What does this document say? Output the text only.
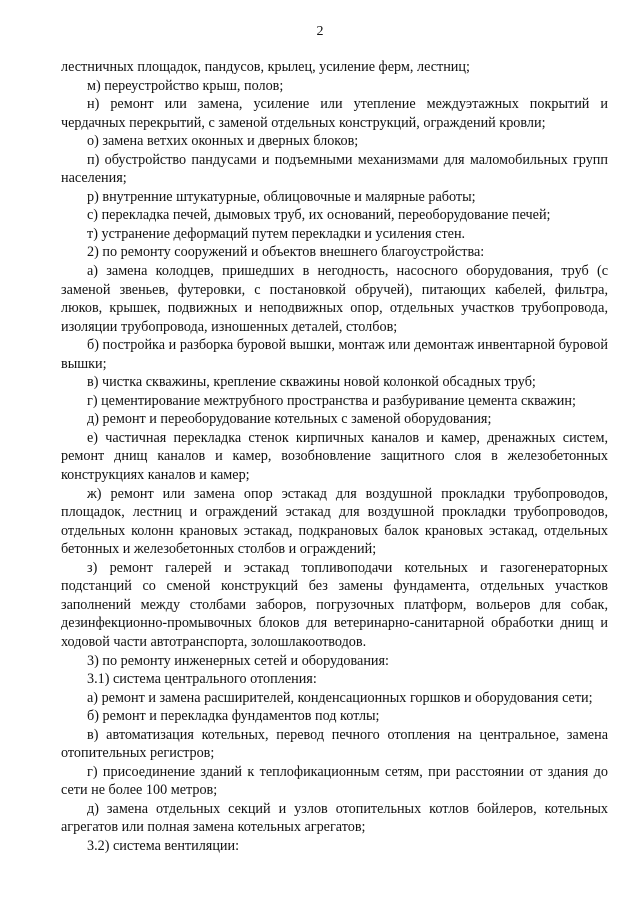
2

лестничных площадок, пандусов, крылец, усиление ферм, лестниц;

м) переустройство крыш, полов;

н) ремонт или замена, усиление или утепление междуэтажных покрытий и чердачных перекрытий, с заменой отдельных конструкций, ограждений кровли;

о) замена ветхих оконных и дверных блоков;

п) обустройство пандусами и подъемными механизмами для маломобильных групп населения;

р) внутренние штукатурные, облицовочные и малярные работы;

с) перекладка печей, дымовых труб, их оснований, переоборудование печей;

т) устранение деформаций путем перекладки и усиления стен.

2) по ремонту сооружений и объектов внешнего благоустройства:

а) замена колодцев, пришедших в негодность, насосного оборудования, труб (с заменой звеньев, футеровки, с постановкой обручей), питающих кабелей, фильтра, люков, крышек, подвижных и неподвижных опор, отдельных участков трубопровода, изоляции трубопровода, изношенных деталей, столбов;

б) постройка и разборка буровой вышки, монтаж или демонтаж инвентарной буровой вышки;

в) чистка скважины, крепление скважины новой колонкой обсадных труб;

г) цементирование межтрубного пространства и разбуривание цемента скважин;

д) ремонт и переоборудование котельных с заменой оборудования;

е) частичная перекладка стенок кирпичных каналов и камер, дренажных систем, ремонт днищ каналов и камер, возобновление защитного слоя в железобетонных конструкциях каналов и камер;

ж) ремонт или замена опор эстакад для воздушной прокладки трубопроводов, площадок, лестниц и ограждений эстакад для воздушной прокладки трубопроводов, отдельных колонн крановых эстакад, подкрановых балок крановых эстакад, отдельных бетонных и железобетонных столбов и ограждений;

з) ремонт галерей и эстакад топливоподачи котельных и газогенераторных подстанций со сменой конструкций без замены фундамента, отдельных участков заполнений между столбами заборов, погрузочных платформ, вольеров для собак, дезинфекционно-промывочных блоков для ветеринарно-санитарной обработки днищ и ходовой части автотранспорта, золошлакоотводов.

3) по ремонту инженерных сетей и оборудования:

3.1) система центрального отопления:

а) ремонт и замена расширителей, конденсационных горшков и оборудования сети;

б) ремонт и перекладка фундаментов под котлы;

в) автоматизация котельных, перевод печного отопления на центральное, замена отопительных регистров;

г) присоединение зданий к теплофикационным сетям, при расстоянии от здания до сети не более 100 метров;

д) замена отдельных секций и узлов отопительных котлов бойлеров, котельных агрегатов или полная замена котельных агрегатов;

3.2) система вентиляции:
